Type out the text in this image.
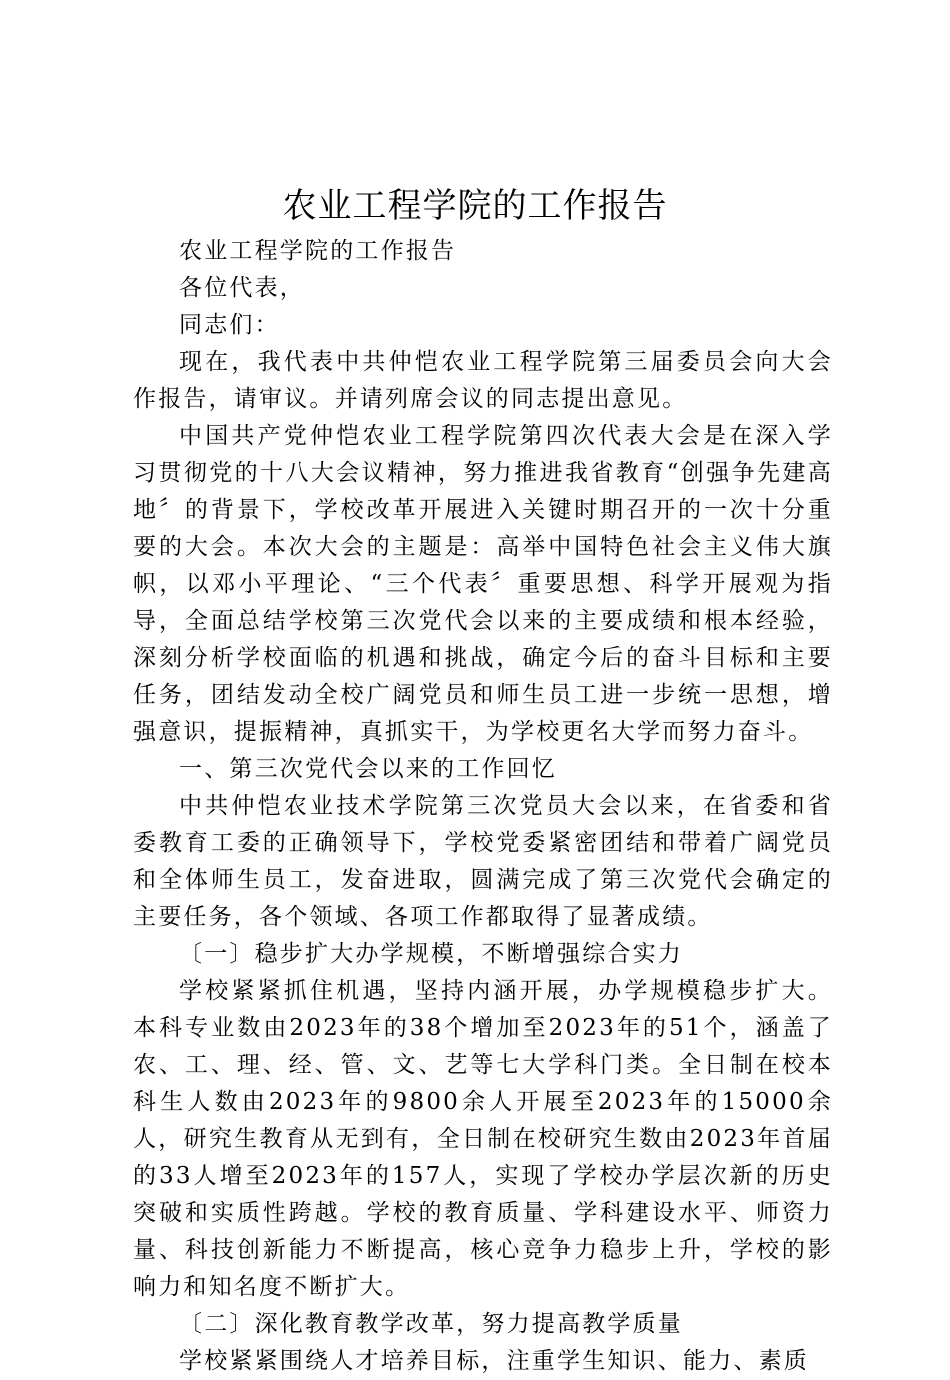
农业工程学院的工作报告

农业工程学院的工作报告

各位代表，

同志们：

现在，我代表中共仲恺农业工程学院第三届委员会向大会作报告，请审议。并请列席会议的同志提出意见。

中国共产党仲恺农业工程学院第四次代表大会是在深入学习贯彻党的十八大会议精神，努力推进我省教育“创强争先建高地〞的背景下，学校改革开展进入关键时期召开的一次十分重要的大会。本次大会的主题是：高举中国特色社会主义伟大旗帜，以邓小平理论、“三个代表〞重要思想、科学开展观为指导，全面总结学校第三次党代会以来的主要成绩和根本经验，深刻分析学校面临的机遇和挑战，确定今后的奋斗目标和主要任务，团结发动全校广阔党员和师生员工进一步统一思想，增强意识，提振精神，真抓实干，为学校更名大学而努力奋斗。

一、第三次党代会以来的工作回忆

中共仲恺农业技术学院第三次党员大会以来，在省委和省委教育工委的正确领导下，学校党委紧密团结和带着广阔党员和全体师生员工，发奋进取，圆满完成了第三次党代会确定的主要任务，各个领域、各项工作都取得了显著成绩。

〔一〕稳步扩大办学规模，不断增强综合实力

学校紧紧抓住机遇，坚持内涵开展，办学规模稳步扩大。本科专业数由2023年的38个增加至2023年的51个，涵盖了农、工、理、经、管、文、艺等七大学科门类。全日制在校本科生人数由2023年的9800余人开展至2023年的15000余人，研究生教育从无到有，全日制在校研究生数由2023年首届的33人增至2023年的157人，实现了学校办学层次新的历史突破和实质性跨越。学校的教育质量、学科建设水平、师资力量、科技创新能力不断提高，核心竞争力稳步上升，学校的影响力和知名度不断扩大。

〔二〕深化教育教学改革，努力提高教学质量

学校紧紧围绕人才培养目标，注重学生知识、能力、素质
